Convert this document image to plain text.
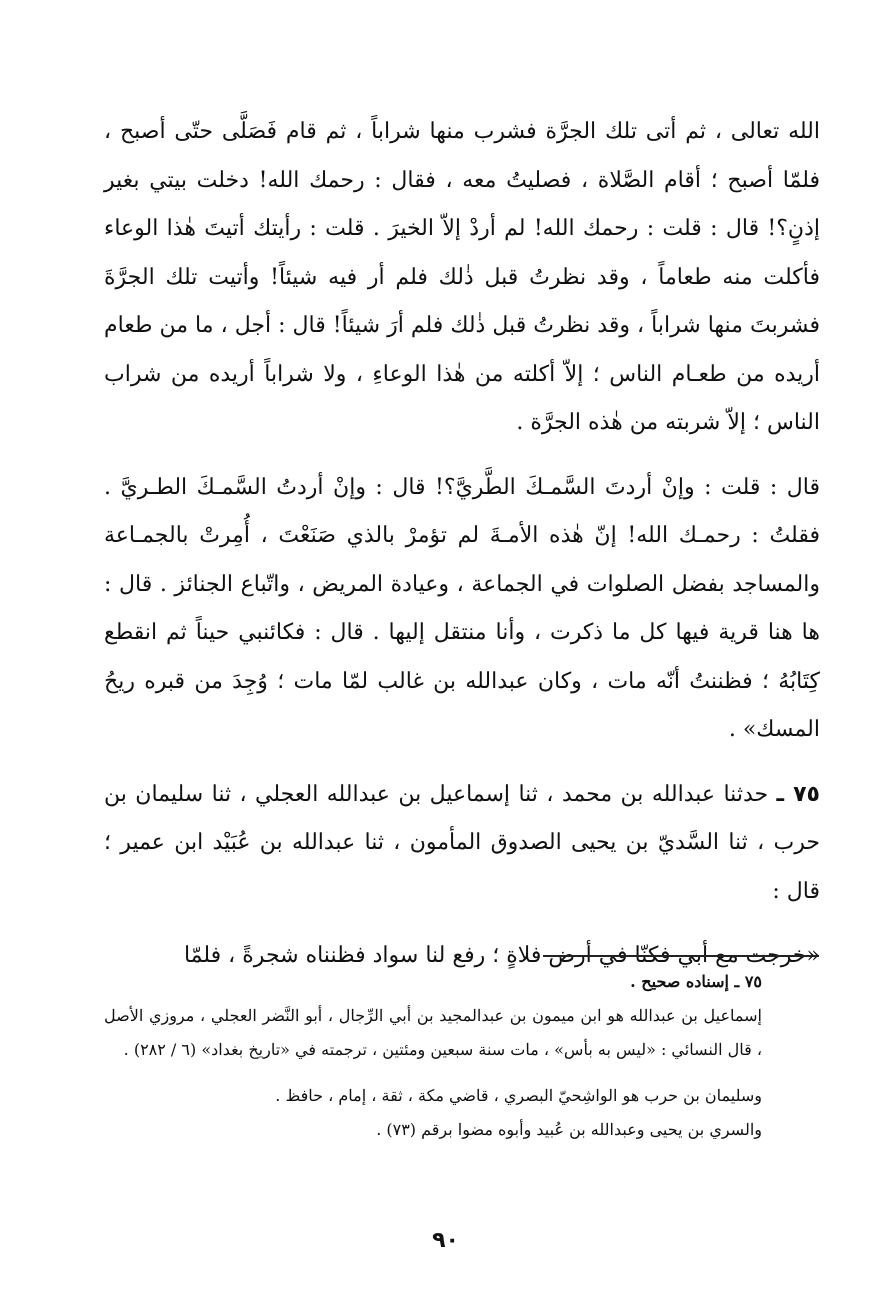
الله تعالى ، ثم أتى تلك الجرَّة فشرب منها شراباً ، ثم قام فَصَلَّى حتّى أصبح ، فلمّا أصبح ؛ أقام الصَّلاة ، فصليتُ معه ، فقال : رحمك الله! دخلت بيتي بغير إذنٍ؟! قال : قلت : رحمك الله! لم أردْ إلاّ الخيرَ . قلت : رأيتك أتيتَ هٰذا الوعاء فأكلت منه طعاماً ، وقد نظرتُ قبل ذٰلك فلم أر فيه شيئاً! وأتيت تلك الجرَّةَ فشربتَ منها شراباً ، وقد نظرتُ قبل ذٰلك فلم أرَ شيئاً! قال : أجل ، ما من طعام أريده من طعـام الناس ؛ إلاّ أكلته من هٰذا الوعاءِ ، ولا شراباً أريده من شراب الناس ؛ إلاّ شربته من هٰذه الجرَّة .

قال : قلت : وإنْ أردتَ السَّمـكَ الطَّريَّ؟! قال : وإنْ أردتُ السَّمـكَ الطـريَّ . فقلتُ : رحمـك الله! إنّ هٰذه الأمـةَ لم تؤمرْ بالذي صَنَعْتَ ، أُمِرتْ بالجمـاعة والمساجد بفضل الصلوات في الجماعة ، وعيادة المريض ، واتّباع الجنائز . قال : ها هنا قرية فيها كل ما ذكرت ، وأنا منتقل إليها . قال : فكائنبي حيناً ثم انقطع كِتَابُهُ ؛ فظننتُ أنّه مات ، وكان عبدالله بن غالب لمّا مات ؛ وُجِدَ من قبره ريحُ المسك» .

٧٥ ـ حدثنا عبدالله بن محمد ، ثنا إسماعيل بن عبدالله العجلي ، ثنا سليمان بن حرب ، ثنا السَّديّ بن يحيى الصدوق المأمون ، ثنا عبدالله بن عُبَيْد ابن عمير ؛ قال :

«خرجت مع أبي فكنّا في أرض فلاةٍ ؛ رفع لنا سواد فظنناه شجرةً ، فلمّا

٧٥ ـ إسناده صحيح .

إسماعيل بن عبدالله هو ابن ميمون بن عبدالمجيد بن أبي الرِّجال ، أبو النَّضر العجلي ، مروزي الأصل ، قال النسائي : «ليس به بأس» ، مات سنة سبعين ومئتين ، ترجمته في «تاريخ بغداد» (٦ / ٢٨٢) .

وسليمان بن حرب هو الواشِحيّ البصري ، قاضي مكة ، ثقة ، إمام ، حافظ .

والسري بن يحيى وعبدالله بن عُبيد وأبوه مضوا برقم (٧٣) .

٩٠
